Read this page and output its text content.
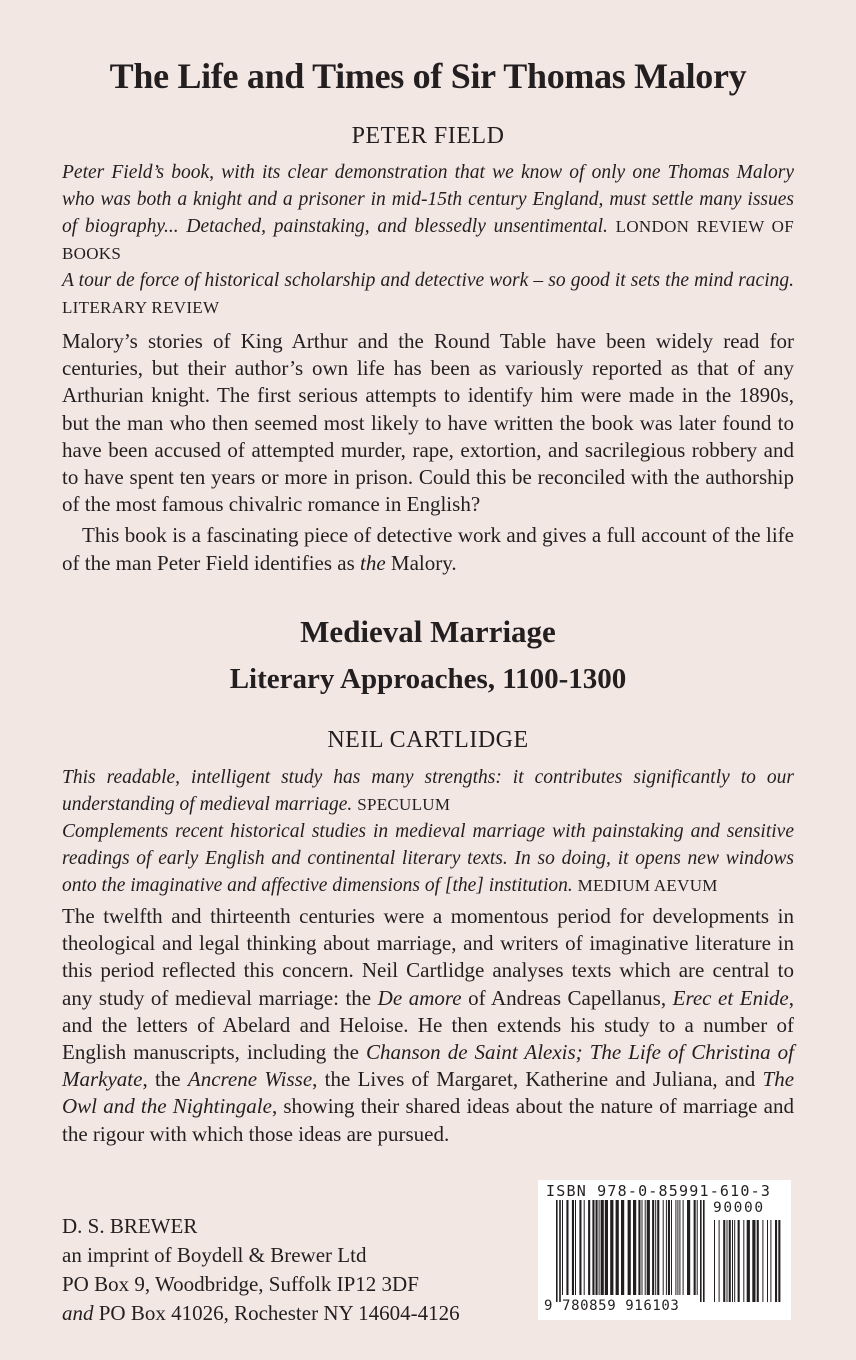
The Life and Times of Sir Thomas Malory
PETER FIELD
Peter Field’s book, with its clear demonstration that we know of only one Thomas Malory who was both a knight and a prisoner in mid-15th century England, must settle many issues of biography... Detached, painstaking, and blessedly unsentimental. LONDON REVIEW OF BOOKS
A tour de force of historical scholarship and detective work – so good it sets the mind racing. LITERARY REVIEW
Malory’s stories of King Arthur and the Round Table have been widely read for centuries, but their author’s own life has been as variously reported as that of any Arthurian knight. The first serious attempts to identify him were made in the 1890s, but the man who then seemed most likely to have written the book was later found to have been accused of attempted murder, rape, extortion, and sacrilegious robbery and to have spent ten years or more in prison. Could this be reconciled with the authorship of the most famous chivalric romance in English?
This book is a fascinating piece of detective work and gives a full account of the life of the man Peter Field identifies as the Malory.
Medieval Marriage
Literary Approaches, 1100-1300
NEIL CARTLIDGE
This readable, intelligent study has many strengths: it contributes significantly to our understanding of medieval marriage. SPECULUM
Complements recent historical studies in medieval marriage with painstaking and sensitive readings of early English and continental literary texts. In so doing, it opens new windows onto the imaginative and affective dimensions of [the] institution. MEDIUM AEVUM
The twelfth and thirteenth centuries were a momentous period for developments in theological and legal thinking about marriage, and writers of imaginative literature in this period reflected this concern. Neil Cartlidge analyses texts which are central to any study of medieval marriage: the De amore of Andreas Capellanus, Erec et Enide, and the letters of Abelard and Heloise. He then extends his study to a number of English manuscripts, including the Chanson de Saint Alexis; The Life of Christina of Markyate, the Ancrene Wisse, the Lives of Margaret, Katherine and Juliana, and The Owl and the Nightingale, showing their shared ideas about the nature of marriage and the rigour with which those ideas are pursued.
D. S. BREWER
an imprint of Boydell & Brewer Ltd
PO Box 9, Woodbridge, Suffolk IP12 3DF
and PO Box 41026, Rochester NY 14604-4126
ISBN 978-0-85991-610-3
90000
9 780859 916103
